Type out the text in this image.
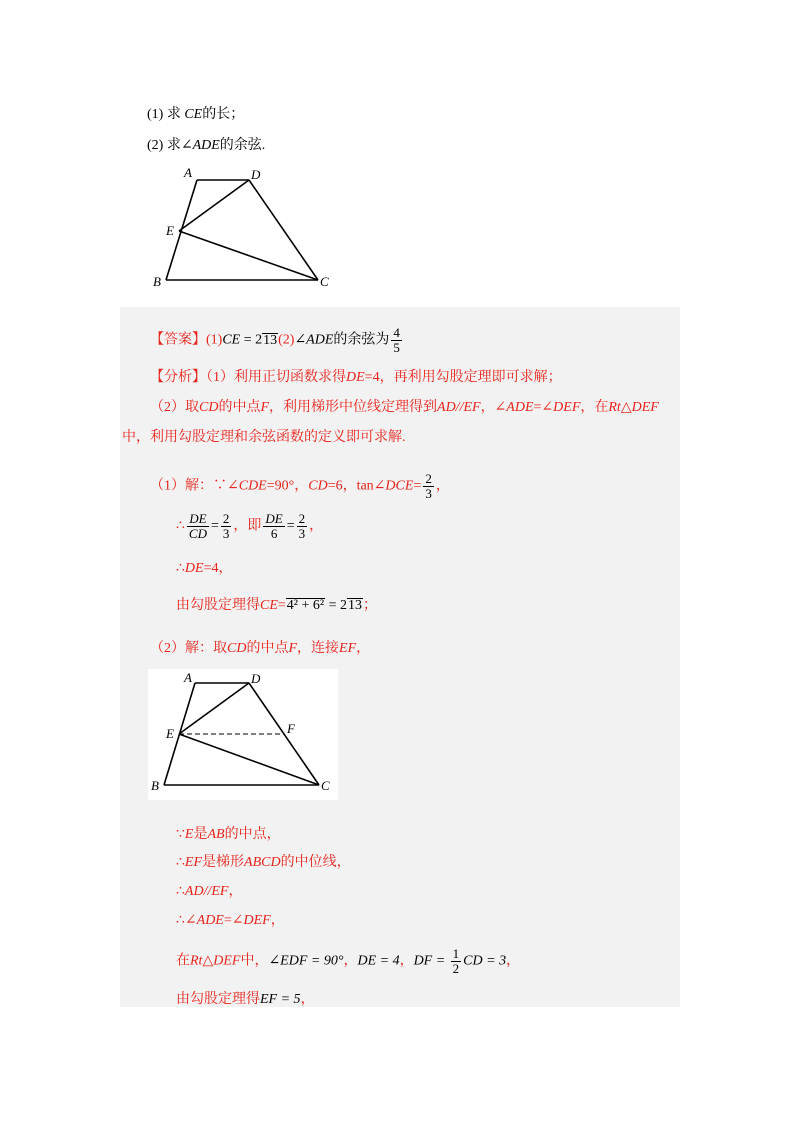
(1) 求 CE的长；
(2) 求∠ADE的余弦.
A	D
E
B	C
【答案】(1)CE = 213(2)∠ADE的余弦为 $\frac{4}{5}$
【分析】（1）利用正切函数求得DE=4，再利用勾股定理即可求解；
（2）取CD的中点F，利用梯形中位线定理得到AD//EF，∠ADE=∠DEF，在Rt△DEF
中，利用勾股定理和余弦函数的定义即可求解.
（1）解：∵∠CDE=90°，CD=6，tan∠DCE= $\frac{2}{3}$ ，
∴ $\frac{DE}{CD} = \frac{2}{3}$ ，即 $\frac{DE}{6} = \frac{2}{3}$ ，
∴DE=4，
由勾股定理得CE=4² + 6² = 213；
（2）解：取CD的中点F，连接EF，
A	D
E	F
B	C
∵E是AB的中点，
∴EF是梯形ABCD的中位线，
∴AD//EF，
∴∠ADE=∠DEF，
在Rt△DEF中，∠EDF = 90°，DE = 4，DF = $\frac{1}{2}$ CD = 3，
由勾股定理得EF = 5，
